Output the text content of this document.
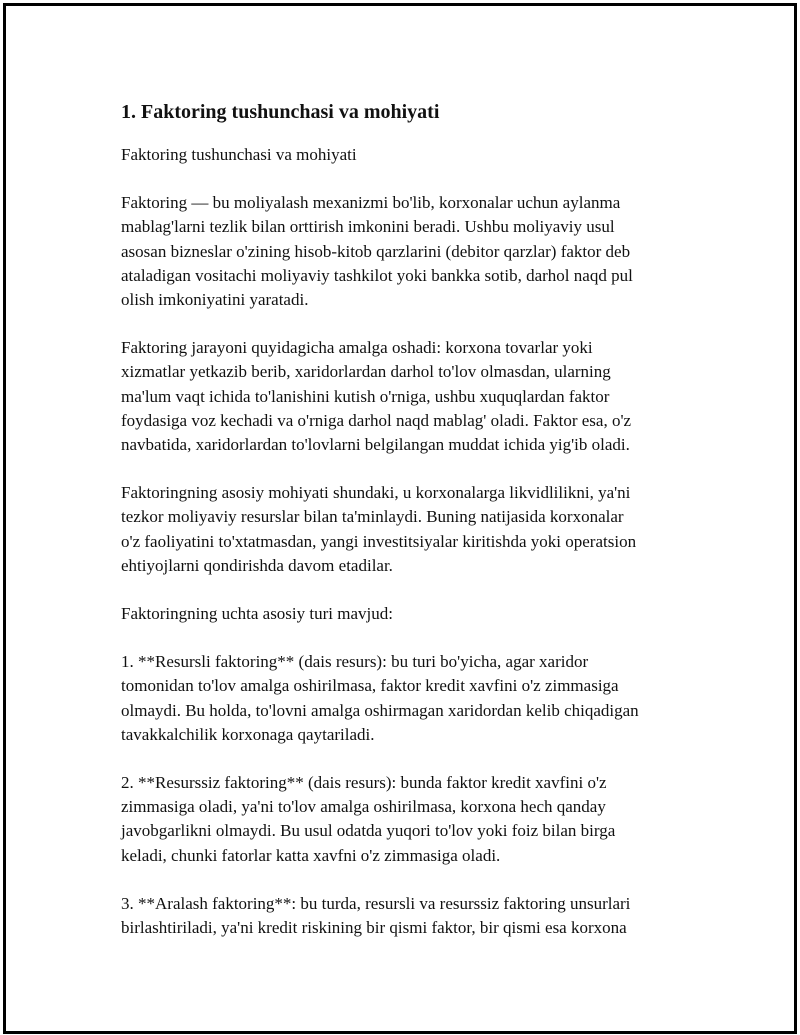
1. Faktoring tushunchasi va mohiyati

Faktoring tushunchasi va mohiyati

Faktoring — bu moliyalash mexanizmi bo'lib, korxonalar uchun aylanma
mablag'larni tezlik bilan orttirish imkonini beradi. Ushbu moliyaviy usul
asosan bizneslar o'zining hisob-kitob qarzlarini (debitor qarzlar) faktor deb
ataladigan vositachi moliyaviy tashkilot yoki bankka sotib, darhol naqd pul
olish imkoniyatini yaratadi.

Faktoring jarayoni quyidagicha amalga oshadi: korxona tovarlar yoki
xizmatlar yetkazib berib, xaridorlardan darhol to'lov olmasdan, ularning
ma'lum vaqt ichida to'lanishini kutish o'rniga, ushbu xuquqlardan faktor
foydasiga voz kechadi va o'rniga darhol naqd mablag' oladi. Faktor esa, o'z
navbatida, xaridorlardan to'lovlarni belgilangan muddat ichida yig'ib oladi.

Faktoringning asosiy mohiyati shundaki, u korxonalarga likvidlilikni, ya'ni
tezkor moliyaviy resurslar bilan ta'minlaydi. Buning natijasida korxonalar
o'z faoliyatini to'xtatmasdan, yangi investitsiyalar kiritishda yoki operatsion
ehtiyojlarni qondirishda davom etadilar.

Faktoringning uchta asosiy turi mavjud:

1. **Resursli faktoring** (dais resurs): bu turi bo'yicha, agar xaridor
tomonidan to'lov amalga oshirilmasa, faktor kredit xavfini o'z zimmasiga
olmaydi. Bu holda, to'lovni amalga oshirmagan xaridordan kelib chiqadigan
tavakkalchilik korxonaga qaytariladi.

2. **Resurssiz faktoring** (dais resurs): bunda faktor kredit xavfini o'z
zimmasiga oladi, ya'ni to'lov amalga oshirilmasa, korxona hech qanday
javobgarlikni olmaydi. Bu usul odatda yuqori to'lov yoki foiz bilan birga
keladi, chunki fatorlar katta xavfni o'z zimmasiga oladi.

3. **Aralash faktoring**: bu turda, resursli va resurssiz faktoring unsurlari
birlashtiriladi, ya'ni kredit riskining bir qismi faktor, bir qismi esa korxona
